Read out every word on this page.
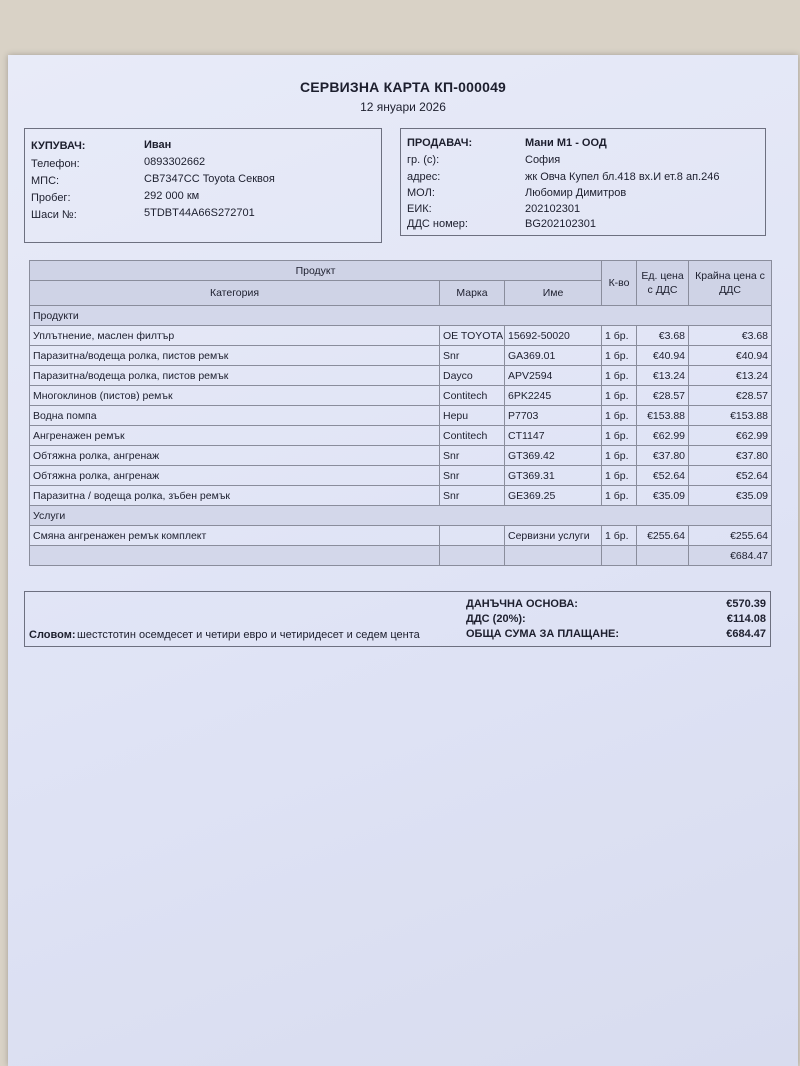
СЕРВИЗНА КАРТА КП-000049
12 януари 2026
КУПУВАЧ:	Иван
Телефон:	0893302662
МПС:	СВ7347СС Toyota Секвоя
Пробег:	292 000 км
Шаси №:	5TDBT44A66S272701
ПРОДАВАЧ:	Мани М1 - ООД
гр. (с):	София
адрес:	жк Овча Купел бл.418 вх.И ет.8 ап.246
МОЛ:	Любомир Димитров
ЕИК:	202102301
ДДС номер:	BG202102301
Продукт			К-во	Ед. цена с ДДС	Крайна цена с ДДС
Категория	Марка	Име			
Продукти					
Уплътнение, маслен филтър	OE TOYOTA	15692-50020	1 бр.	€3.68	€3.68
Паразитна/водеща ролка, пистов ремък	Snr	GA369.01	1 бр.	€40.94	€40.94
Паразитна/водеща ролка, пистов ремък	Dayco	APV2594	1 бр.	€13.24	€13.24
Многоклинов (пистов) ремък	Contitech	6PK2245	1 бр.	€28.57	€28.57
Водна помпа	Hepu	P7703	1 бр.	€153.88	€153.88
Ангренажен ремък	Contitech	CT1147	1 бр.	€62.99	€62.99
Обтяжна ролка, ангренаж	Snr	GT369.42	1 бр.	€37.80	€37.80
Обтяжна ролка, ангренаж	Snr	GT369.31	1 бр.	€52.64	€52.64
Паразитна / водеща ролка, зъбен ремък	Snr	GE369.25	1 бр.	€35.09	€35.09
Услуги					
Смяна ангренажен ремък комплект		Сервизни услуги	1 бр.	€255.64	€255.64
					€684.47
ДАНЪЧНА ОСНОВА:	€570.39
ДДС (20%):	€114.08
Словом: шестстотин осемдесет и четири евро и четиридесет и седем цента	ОБЩА СУМА ЗА ПЛАЩАНЕ:	€684.47
